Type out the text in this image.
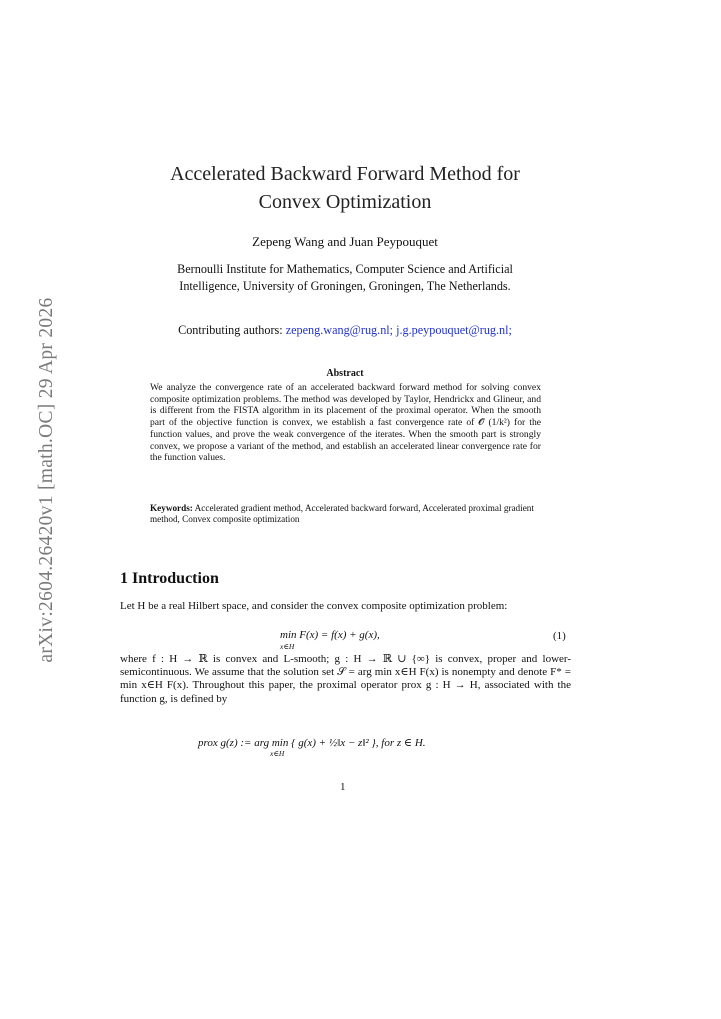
arXiv:2604.26420v1 [math.OC] 29 Apr 2026
Accelerated Backward Forward Method for
Convex Optimization
Zepeng Wang and Juan Peypouquet
Bernoulli Institute for Mathematics, Computer Science and Artificial
Intelligence, University of Groningen, Groningen, The Netherlands.
Contributing authors: zepeng.wang@rug.nl; j.g.peypouquet@rug.nl;
Abstract
We analyze the convergence rate of an accelerated backward forward method for solving convex composite optimization problems. The method was developed by Taylor, Hendrickx and Glineur, and is different from the FISTA algorithm in its placement of the proximal operator. When the smooth part of the objective function is convex, we establish a fast convergence rate of 𝓞 (1/k²) for the function values, and prove the weak convergence of the iterates. When the smooth part is strongly convex, we propose a variant of the method, and establish an accelerated linear convergence rate for the function values.
Keywords: Accelerated gradient method, Accelerated backward forward, Accelerated proximal gradient method, Convex composite optimization
1 Introduction
Let H be a real Hilbert space, and consider the convex composite optimization problem:
min F(x) = f(x) + g(x),
x∈H
(1)
where f : H → ℝ is convex and L-smooth; g : H → ℝ ∪ {∞} is convex, proper and lower-semicontinuous. We assume that the solution set 𝒮 = arg min x∈H F(x) is nonempty and denote F* = min x∈H F(x). Throughout this paper, the proximal operator prox g : H → H, associated with the function g, is defined by
prox g(z) := arg min { g(x) + ½‖x − z‖² }, for z ∈ H.
x∈H
1
